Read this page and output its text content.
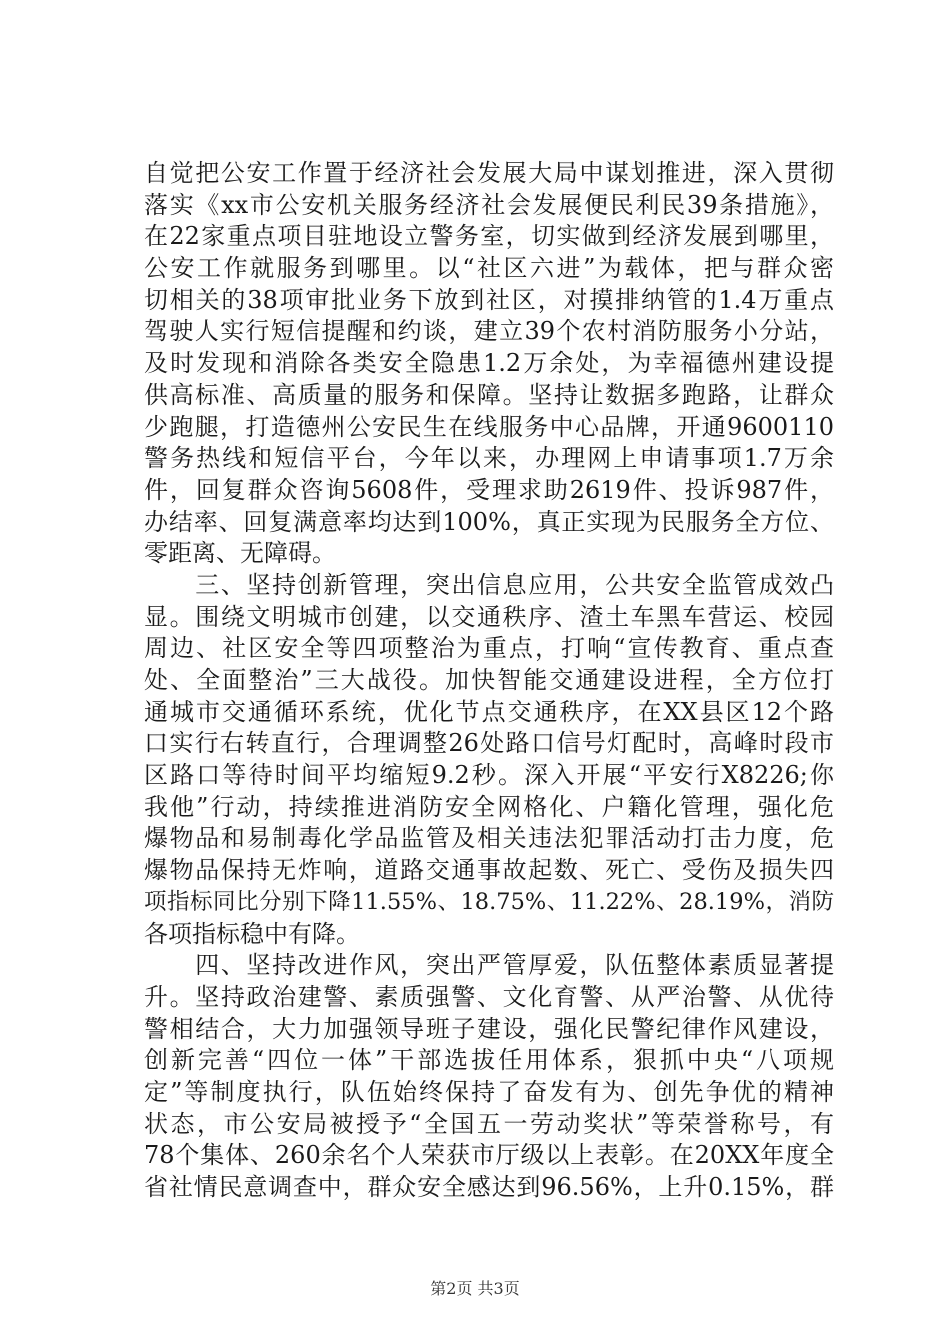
自觉把公安工作置于经济社会发展大局中谋划推进，深入贯彻
落实《xx市公安机关服务经济社会发展便民利民39条措施》，
在22家重点项目驻地设立警务室，切实做到经济发展到哪里，
公安工作就服务到哪里。以“社区六进”为载体，把与群众密
切相关的38项审批业务下放到社区，对摸排纳管的1.4万重点
驾驶人实行短信提醒和约谈，建立39个农村消防服务小分站，
及时发现和消除各类安全隐患1.2万余处，为幸福德州建设提
供高标准、高质量的服务和保障。坚持让数据多跑路，让群众
少跑腿，打造德州公安民生在线服务中心品牌，开通9600110
警务热线和短信平台，今年以来，办理网上申请事项1.7万余
件，回复群众咨询5608件，受理求助2619件、投诉987件，
办结率、回复满意率均达到100%，真正实现为民服务全方位、
零距离、无障碍。
　　三、坚持创新管理，突出信息应用，公共安全监管成效凸
显。围绕文明城市创建，以交通秩序、渣土车黑车营运、校园
周边、社区安全等四项整治为重点，打响“宣传教育、重点查
处、全面整治”三大战役。加快智能交通建设进程，全方位打
通城市交通循环系统，优化节点交通秩序，在XX县区12个路
口实行右转直行，合理调整26处路口信号灯配时，高峰时段市
区路口等待时间平均缩短9.2秒。深入开展“平安行X8226;你
我他”行动，持续推进消防安全网格化、户籍化管理，强化危
爆物品和易制毒化学品监管及相关违法犯罪活动打击力度，危
爆物品保持无炸响，道路交通事故起数、死亡、受伤及损失四
项指标同比分别下降11.55%、18.75%、11.22%、28.19%，消防
各项指标稳中有降。
　　四、坚持改进作风，突出严管厚爱，队伍整体素质显著提
升。坚持政治建警、素质强警、文化育警、从严治警、从优待
警相结合，大力加强领导班子建设，强化民警纪律作风建设，
创新完善“四位一体”干部选拔任用体系，狠抓中央“八项规
定”等制度执行，队伍始终保持了奋发有为、创先争优的精神
状态，市公安局被授予“全国五一劳动奖状”等荣誉称号，有
78个集体、260余名个人荣获市厅级以上表彰。在20XX年度全
省社情民意调查中，群众安全感达到96.56%，上升0.15%，群
第2页 共3页
